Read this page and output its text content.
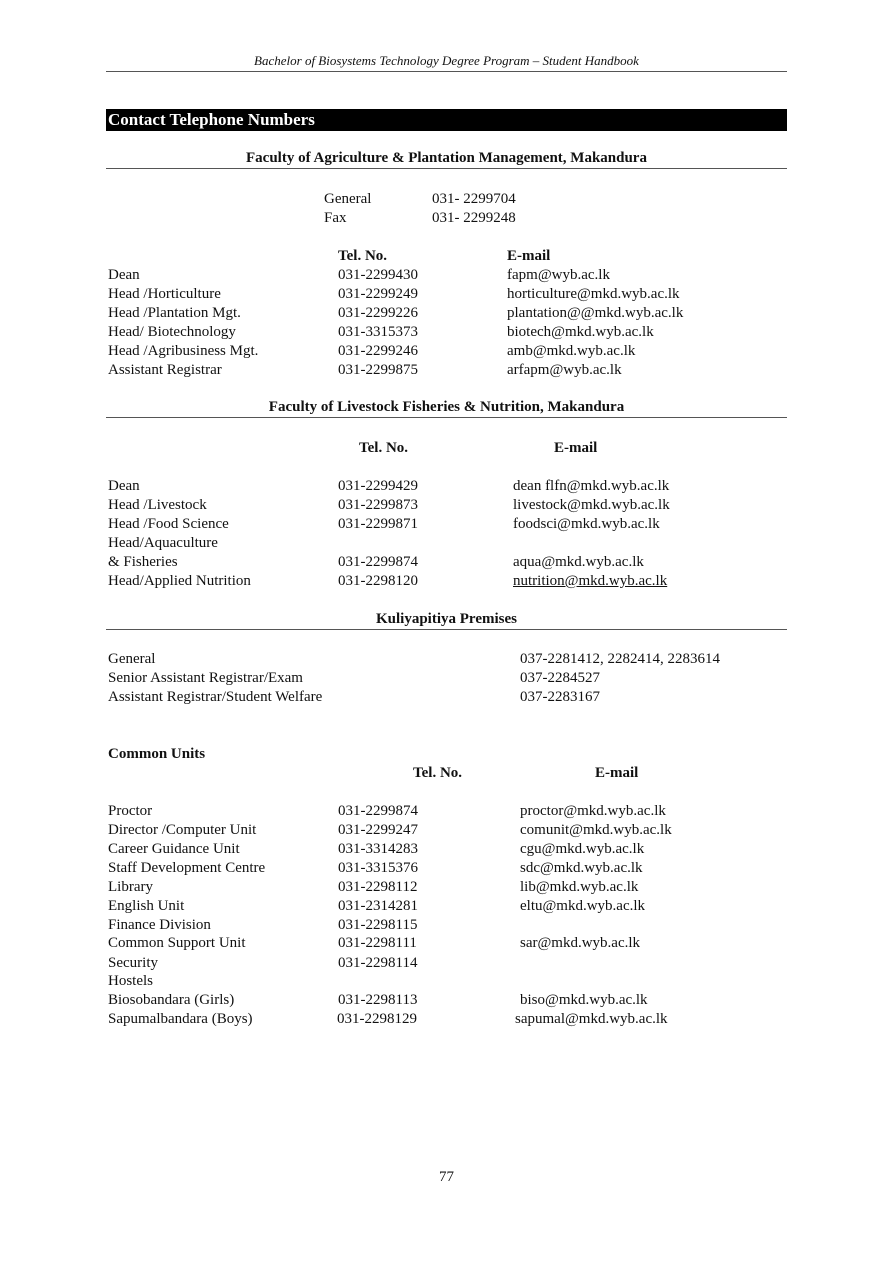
Bachelor of Biosystems Technology Degree Program – Student Handbook
Contact Telephone Numbers
Faculty of Agriculture & Plantation Management, Makandura
General	031- 2299704
Fax	031- 2299248
Tel. No.	E-mail
Dean	031-2299430	fapm@wyb.ac.lk
Head /Horticulture	031-2299249	horticulture@mkd.wyb.ac.lk
Head /Plantation Mgt.	031-2299226	plantation@@mkd.wyb.ac.lk
Head/ Biotechnology	031-3315373	biotech@mkd.wyb.ac.lk
Head /Agribusiness Mgt.	031-2299246	amb@mkd.wyb.ac.lk
Assistant Registrar	031-2299875	arfapm@wyb.ac.lk
Faculty of Livestock Fisheries & Nutrition, Makandura
Tel. No.	E-mail
Dean	031-2299429	dean flfn@mkd.wyb.ac.lk
Head /Livestock	031-2299873	livestock@mkd.wyb.ac.lk
Head /Food Science	031-2299871	foodsci@mkd.wyb.ac.lk
Head/Aquaculture
& Fisheries	031-2299874	aqua@mkd.wyb.ac.lk
Head/Applied Nutrition	031-2298120	nutrition@mkd.wyb.ac.lk
Kuliyapitiya Premises
General	037-2281412, 2282414, 2283614
Senior Assistant Registrar/Exam	037-2284527
Assistant Registrar/Student Welfare	037-2283167
Common Units
Tel. No.	E-mail
Proctor	031-2299874	proctor@mkd.wyb.ac.lk
Director /Computer Unit	031-2299247	comunit@mkd.wyb.ac.lk
Career Guidance Unit	031-3314283	cgu@mkd.wyb.ac.lk
Staff Development Centre	031-3315376	sdc@mkd.wyb.ac.lk
Library	031-2298112	lib@mkd.wyb.ac.lk
English Unit	031-2314281	eltu@mkd.wyb.ac.lk
Finance Division	031-2298115
Common Support Unit	031-2298111	sar@mkd.wyb.ac.lk
Security	031-2298114
Hostels
Biosobandara (Girls)	031-2298113	biso@mkd.wyb.ac.lk
Sapumalbandara (Boys)	031-2298129	sapumal@mkd.wyb.ac.lk
77
